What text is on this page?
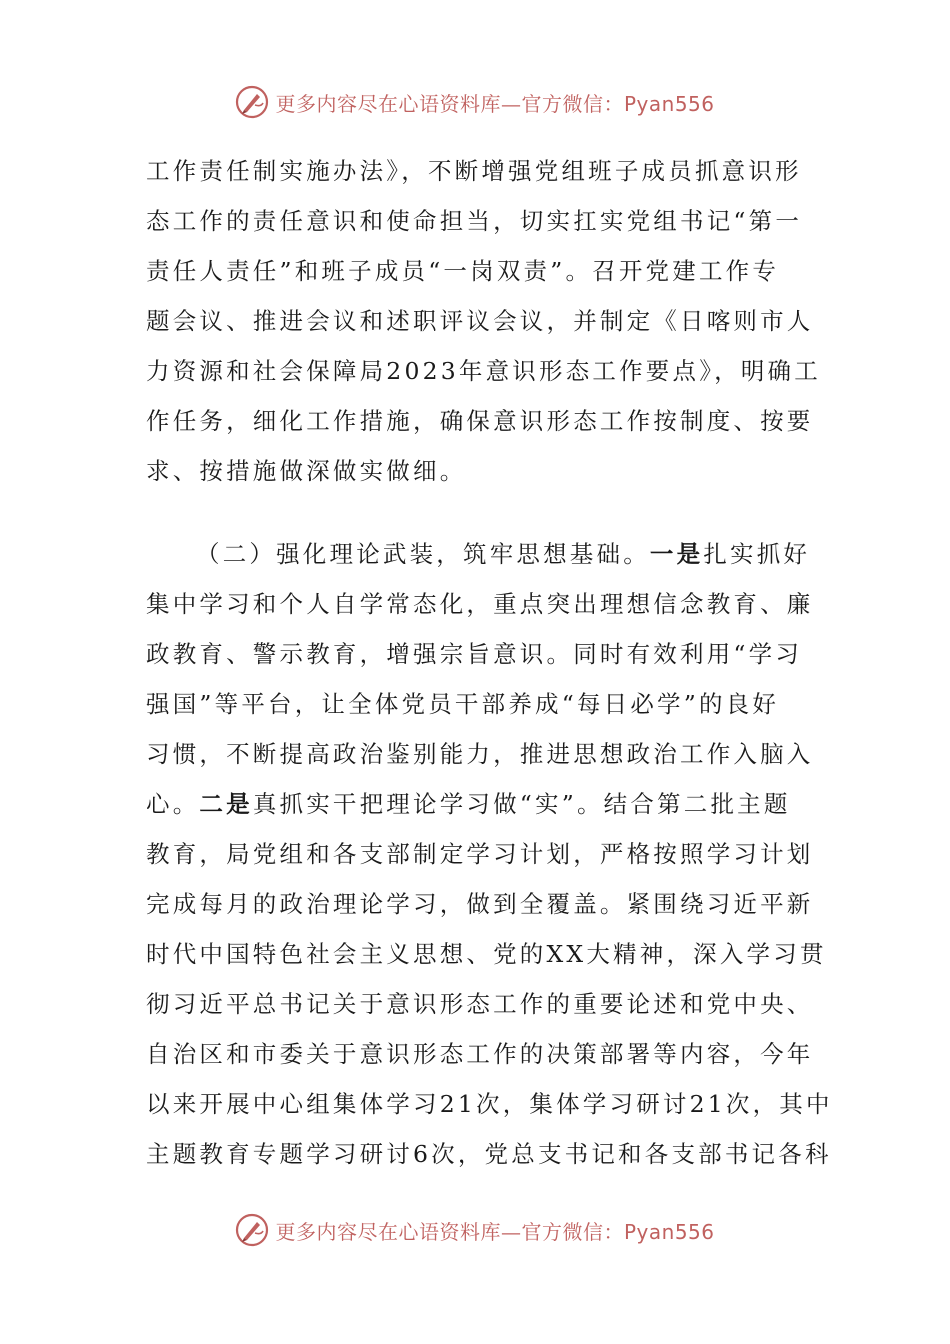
更多内容尽在心语资料库—官方微信：Pyan556
工作责任制实施办法》，不断增强党组班子成员抓意识形
态工作的责任意识和使命担当，切实扛实党组书记“第一
责任人责任”和班子成员“一岗双责”。召开党建工作专
题会议、推进会议和述职评议会议，并制定《日喀则市人
力资源和社会保障局2023年意识形态工作要点》，明确工
作任务，细化工作措施，确保意识形态工作按制度、按要
求、按措施做深做实做细。
（二）强化理论武装，筑牢思想基础。一是扎实抓好
集中学习和个人自学常态化，重点突出理想信念教育、廉
政教育、警示教育，增强宗旨意识。同时有效利用“学习
强国”等平台，让全体党员干部养成“每日必学”的良好
习惯，不断提高政治鉴别能力，推进思想政治工作入脑入
心。二是真抓实干把理论学习做“实”。结合第二批主题
教育，局党组和各支部制定学习计划，严格按照学习计划
完成每月的政治理论学习，做到全覆盖。紧围绕习近平新
时代中国特色社会主义思想、党的XX大精神，深入学习贯
彻习近平总书记关于意识形态工作的重要论述和党中央、
自治区和市委关于意识形态工作的决策部署等内容，今年
以来开展中心组集体学习21次，集体学习研讨21次，其中
主题教育专题学习研讨6次，党总支书记和各支部书记各科
更多内容尽在心语资料库—官方微信：Pyan556
